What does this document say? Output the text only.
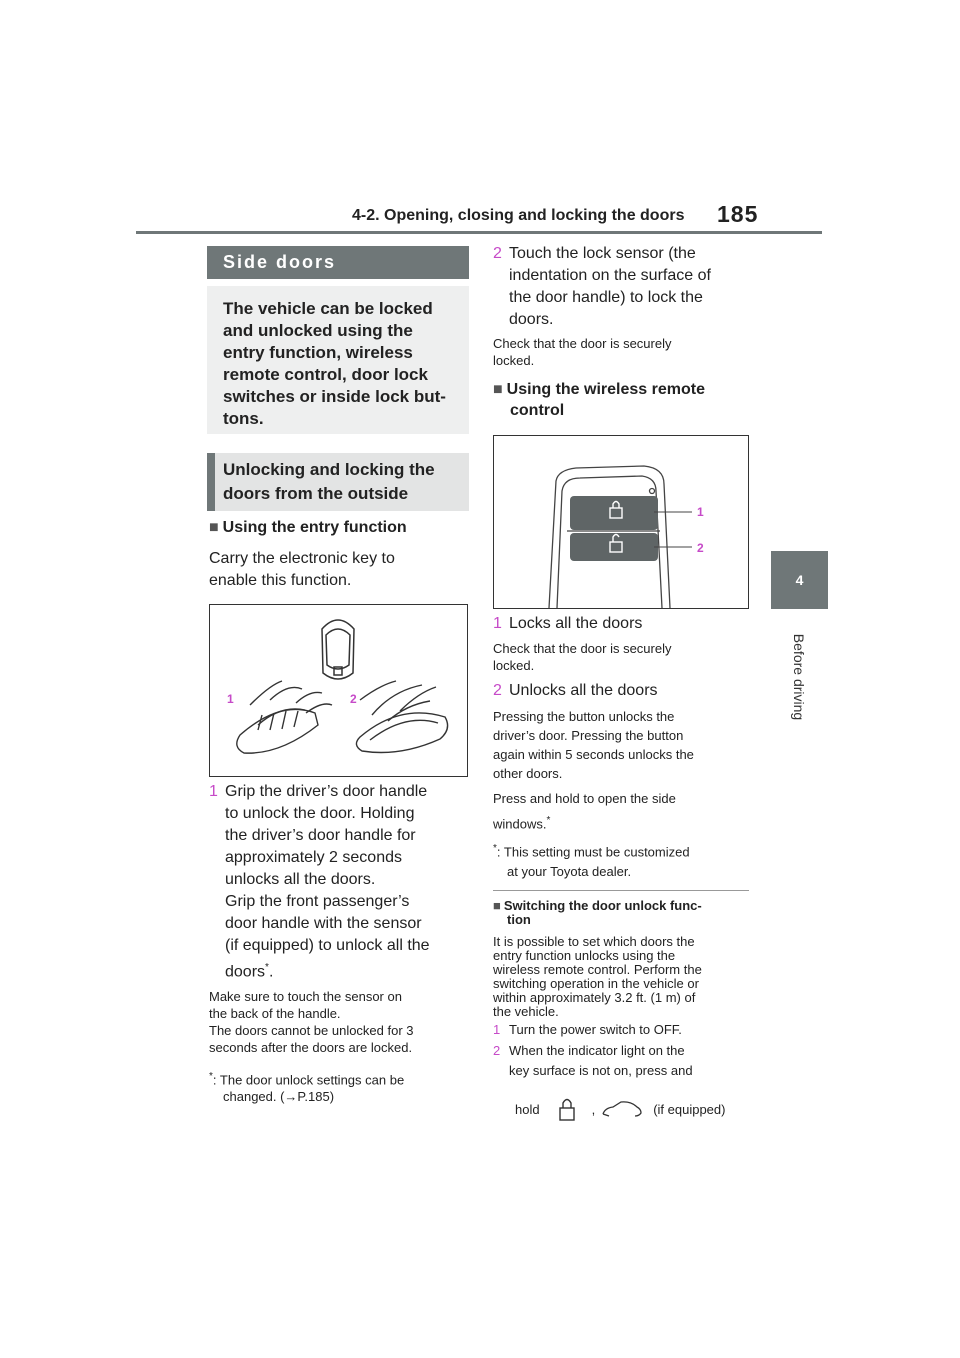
4-2. Opening, closing and locking the doors 185
4
Before driving
Side doors
The vehicle can be locked
and unlocked using the
entry function, wireless
remote control, door lock
switches or inside lock but-
tons.
Unlocking and locking the
doors from the outside
■ Using the entry function
Carry the electronic key to
enable this function.
1	2
1 Grip the driver’s door handle
to unlock the door. Holding
the driver’s door handle for
approximately 2 seconds
unlocks all the doors.
Grip the front passenger’s
door handle with the sensor
(if equipped) to unlock all the
doors*.
Make sure to touch the sensor on
the back of the handle.
The doors cannot be unlocked for 3
seconds after the doors are locked.
*: The door unlock settings can be
changed. (→P.185)
2 Touch the lock sensor (the
indentation on the surface of
the door handle) to lock the
doors.
Check that the door is securely
locked.
■ Using the wireless remote
control
1
2
1 Locks all the doors
Check that the door is securely
locked.
2 Unlocks all the doors
Pressing the button unlocks the
driver’s door. Pressing the button
again within 5 seconds unlocks the
other doors.
Press and hold to open the side
windows.*
*: This setting must be customized
at your Toyota dealer.
■ Switching the door unlock func-
tion
It is possible to set which doors the
entry function unlocks using the
wireless remote control. Perform the
switching operation in the vehicle or
within approximately 3.2 ft. (1 m) of
the vehicle.
1 Turn the power switch to OFF.
2 When the indicator light on the
key surface is not on, press and
hold	,	(if equipped)
